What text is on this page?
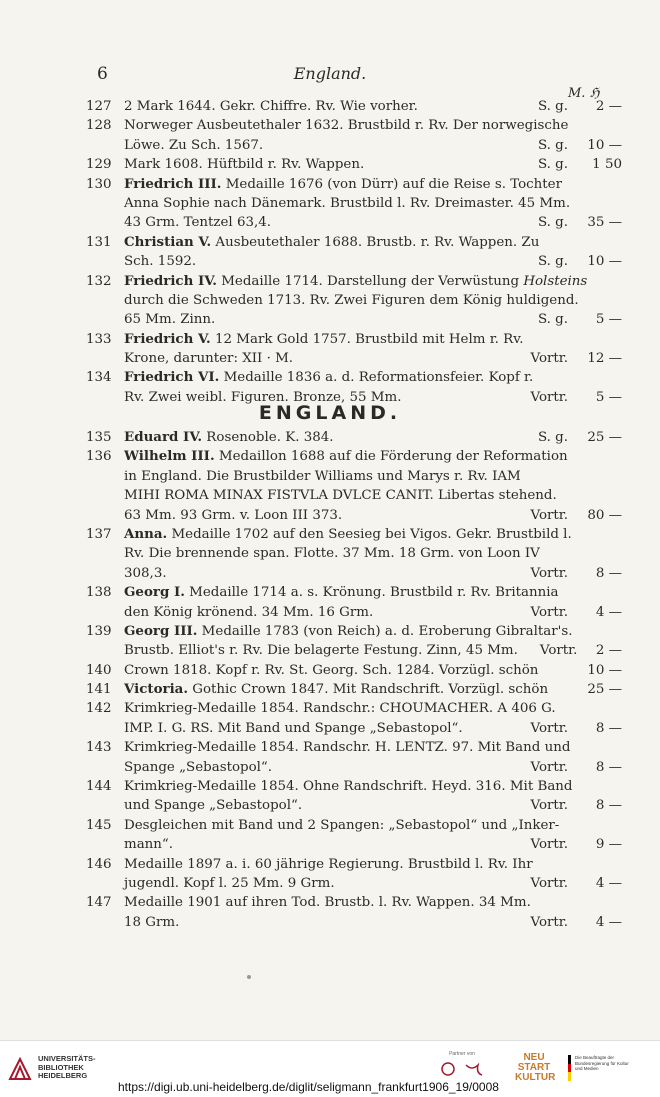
6	England.
M. ℌ
127 2 Mark 1644. Gekr. Chiffre. Rv. Wie vorher.	S. g.	2 —
128 Norweger Ausbeutethaler 1632. Brustbild r. Rv. Der norwegische
Löwe. Zu Sch. 1567.	S. g.	10 —
129 Mark 1608. Hüftbild r. Rv. Wappen.	S. g.	1 50
130 Friedrich III. Medaille 1676 (von Dürr) auf die Reise s. Tochter
Anna Sophie nach Dänemark. Brustbild l. Rv. Dreimaster. 45 Mm.
43 Grm. Tentzel 63,4.	S. g.	35 —
131 Christian V. Ausbeutethaler 1688. Brustb. r. Rv. Wappen. Zu
Sch. 1592.	S. g.	10 —
132 Friedrich IV. Medaille 1714. Darstellung der Verwüstung Holsteins
durch die Schweden 1713. Rv. Zwei Figuren dem König huldigend.
65 Mm. Zinn.	S. g.	5 —
133 Friedrich V. 12 Mark Gold 1757. Brustbild mit Helm r. Rv.
Krone, darunter: XII · M.	Vortr.	12 —
134 Friedrich VI. Medaille 1836 a. d. Reformationsfeier. Kopf r.
Rv. Zwei weibl. Figuren. Bronze, 55 Mm.	Vortr.	5 —
ENGLAND.
135 Eduard IV. Rosenoble. K. 384.	S. g.	25 —
136 Wilhelm III. Medaillon 1688 auf die Förderung der Reformation
in England. Die Brustbilder Williams und Marys r. Rv. IAM
MIHI ROMA MINAX FISTVLA DVLCE CANIT. Libertas stehend.
63 Mm. 93 Grm. v. Loon III 373.	Vortr.	80 —
137 Anna. Medaille 1702 auf den Seesieg bei Vigos. Gekr. Brustbild l.
Rv. Die brennende span. Flotte. 37 Mm. 18 Grm. von Loon IV
308,3.	Vortr.	8 —
138 Georg I. Medaille 1714 a. s. Krönung. Brustbild r. Rv. Britannia
den König krönend. 34 Mm. 16 Grm.	Vortr.	4 —
139 Georg III. Medaille 1783 (von Reich) a. d. Eroberung Gibraltar's.
Brustb. Elliot's r. Rv. Die belagerte Festung. Zinn, 45 Mm.	Vortr.	2 —
140 Crown 1818. Kopf r. Rv. St. Georg. Sch. 1284. Vorzügl. schön	10 —
141 Victoria. Gothic Crown 1847. Mit Randschrift. Vorzügl. schön	25 —
142 Krimkrieg-Medaille 1854. Randschr.: CHOUMACHER. A 406 G.
IMP. I. G. RS. Mit Band und Spange „Sebastopol“.	Vortr.	8 —
143 Krimkrieg-Medaille 1854. Randschr. H. LENTZ. 97. Mit Band und
Spange „Sebastopol“.	Vortr.	8 —
144 Krimkrieg-Medaille 1854. Ohne Randschrift. Heyd. 316. Mit Band
und Spange „Sebastopol“.	Vortr.	8 —
145 Desgleichen mit Band und 2 Spangen: „Sebastopol“ und „Inker-
mann“.	Vortr.	9 —
146 Medaille 1897 a. i. 60 jährige Regierung. Brustbild l. Rv. Ihr
jugendl. Kopf l. 25 Mm. 9 Grm.	Vortr.	4 —
147 Medaille 1901 auf ihren Tod. Brustb. l. Rv. Wappen. 34 Mm.
18 Grm.	Vortr.	4 —
UNIVERSITÄTS-
BIBLIOTHEK
HEIDELBERG
Partner von	NEU
START
KULTUR
Die Beauftragte der Bundesregierung für Kultur und Medien
https://digi.ub.uni-heidelberg.de/diglit/seligmann_frankfurt1906_19/0008
